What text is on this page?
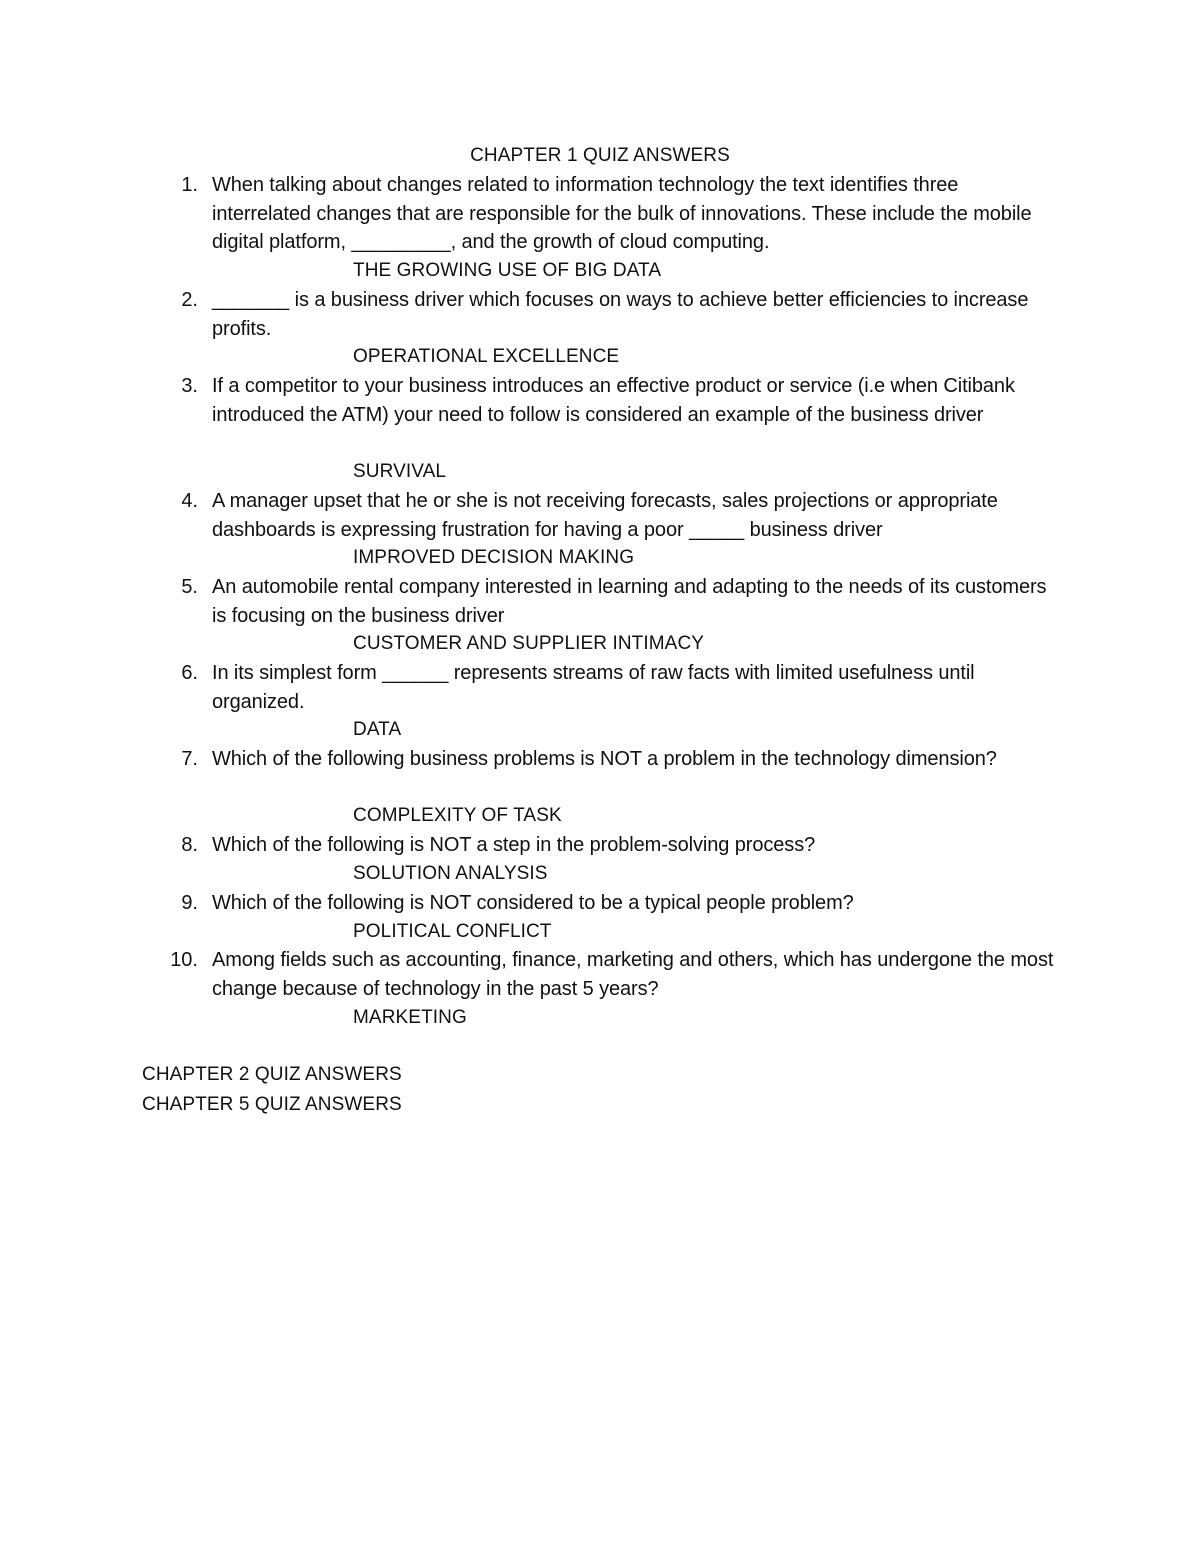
CHAPTER 1 QUIZ ANSWERS
1. When talking about changes related to information technology the text identifies three interrelated changes that are responsible for the bulk of innovations. These include the mobile digital platform, _________, and the growth of cloud computing.
THE GROWING USE OF BIG DATA
2. _______ is a business driver which focuses on ways to achieve better efficiencies to increase profits.
OPERATIONAL EXCELLENCE
3. If a competitor to your business introduces an effective product or service (i.e when Citibank introduced the ATM) your need to follow is considered an example of the business driver
SURVIVAL
4. A manager upset that he or she is not receiving forecasts, sales projections or appropriate dashboards is expressing frustration for having a poor _____ business driver
IMPROVED DECISION MAKING
5. An automobile rental company interested in learning and adapting to the needs of its customers is focusing on the business driver
CUSTOMER AND SUPPLIER INTIMACY
6. In its simplest form ______ represents streams of raw facts with limited usefulness until organized.
DATA
7. Which of the following business problems is NOT a problem in the technology dimension?
COMPLEXITY OF TASK
8. Which of the following is NOT a step in the problem-solving process?
SOLUTION ANALYSIS
9. Which of the following is NOT considered to be a typical people problem?
POLITICAL CONFLICT
10. Among fields such as accounting, finance, marketing and others, which has undergone the most change because of technology in the past 5 years?
MARKETING
CHAPTER 2 QUIZ ANSWERS
CHAPTER 5 QUIZ ANSWERS
